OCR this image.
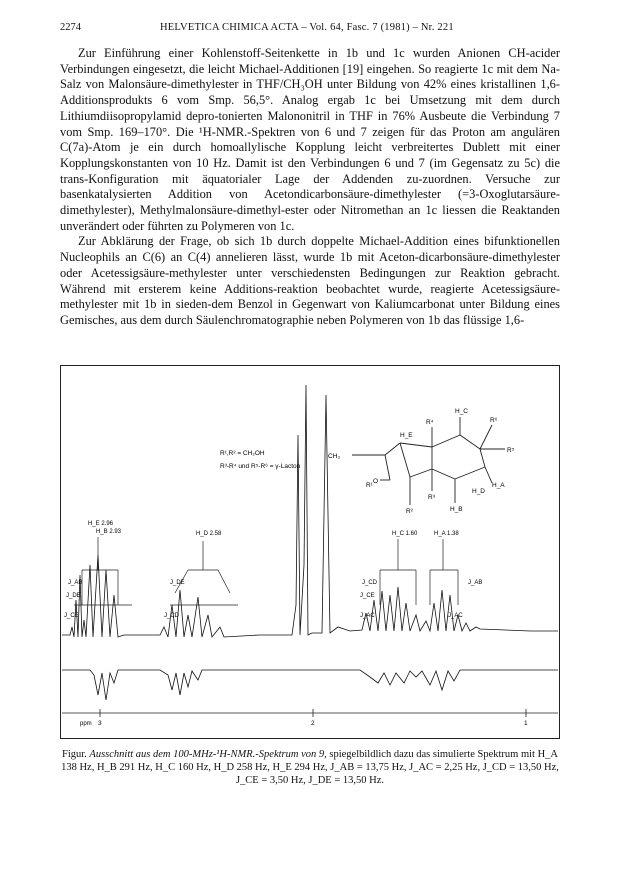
2274	HELVETICA CHIMICA ACTA – Vol. 64, Fasc. 7 (1981) – Nr. 221

Zur Einführung einer Kohlenstoff-Seitenkette in 1b und 1c wurden Anionen CH-acider Verbindungen eingesetzt, die leicht Michael-Additionen [19] eingehen. So reagierte 1c mit dem Na-Salz von Malonsäure-dimethylester in THF/CH₃OH unter Bildung von 42% eines kristallinen 1,6-Additionsprodukts 6 vom Smp. 56,5°. Analog ergab 1c bei Umsetzung mit dem durch Lithiumdiisopropylamid depro-tonierten Malononitril in THF in 76% Ausbeute die Verbindung 7 vom Smp. 169–170°. Die ¹H-NMR.-Spektren von 6 und 7 zeigen für das Proton am angulären C(7a)-Atom je ein durch homoallylische Kopplung leicht verbreitertes Dublett mit einer Kopplungskonstanten von 10 Hz. Damit ist den Verbindungen 6 und 7 (im Gegensatz zu 5c) die trans-Konfiguration mit äquatorialer Lage der Addenden zu-zuordnen. Versuche zur basenkatalysierten Addition von Acetondicarbonsäure-dimethylester (=3-Oxoglutarsäure-dimethylester), Methylmalonsäure-dimethyl-ester oder Nitromethan an 1c liessen die Reaktanden unverändert oder führten zu Polymeren von 1c.

Zur Abklärung der Frage, ob sich 1b durch doppelte Michael-Addition eines bifunktionellen Nucleophils an C(6) an C(4) annelieren lässt, wurde 1b mit Aceton-dicarbonsäure-dimethylester oder Acetessigsäure-methylester unter verschiedensten Bedingungen zur Reaktion gebracht. Während mit ersterem keine Additions-reaktion beobachtet wurde, reagierte Acetessigsäure-methylester mit 1b in sieden-dem Benzol in Gegenwart von Kaliumcarbonat unter Bildung eines Gemisches, aus dem durch Säulenchromatographie neben Polymeren von 1b das flüssige 1,6-

R¹,R² = CH₂OH
R³-R⁴ und R⁵-R⁶ = γ-Lacton
CH₃
O
H_E
R⁶
H_C
R⁴
R⁵
R¹
R³
H_D
H_A
R²	H_B
H_E 2.96
H_B 2.93	H_D 2.58	H_C 1.60	H_A 1.38
J_AB
J_DE
J_CE
J_DE
J_CD
J_CD
J_CE
J_AC
J_AB
J_AC
ppm 3	2	1
Figur. Ausschnitt aus dem 100-MHz-¹H-NMR.-Spektrum von 9, spiegelbildlich dazu das simulierte Spektrum mit H_A 138 Hz, H_B 291 Hz, H_C 160 Hz, H_D 258 Hz, H_E 294 Hz, J_AB = 13,75 Hz, J_AC = 2,25 Hz, J_CD = 13,50 Hz, J_CE = 3,50 Hz, J_DE = 13,50 Hz.
